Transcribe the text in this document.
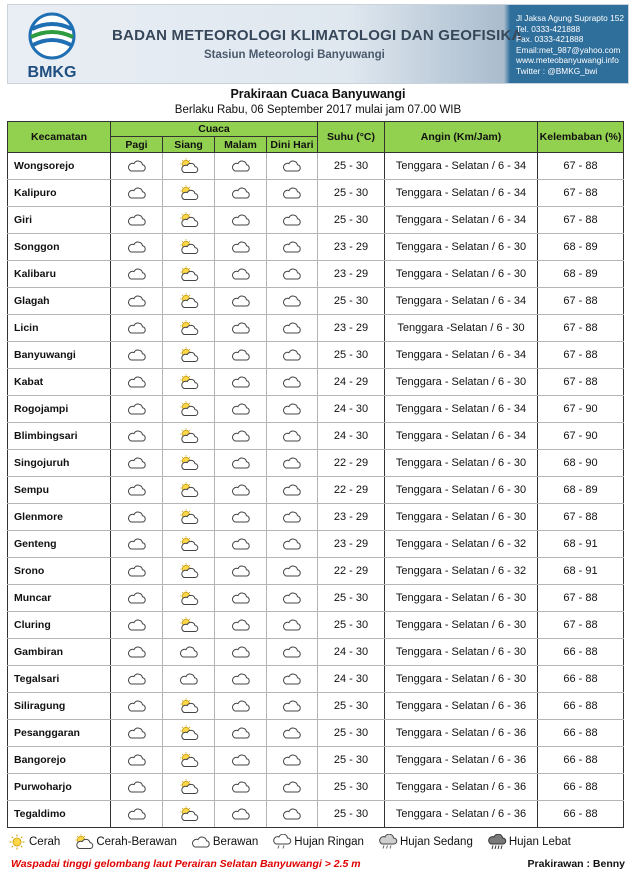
BMKG
BADAN METEOROLOGI KLIMATOLOGI DAN GEOFISIKA
Stasiun Meteorologi Banyuwangi
Jl Jaksa Agung Suprapto 152
Tel. 0333-421888
Fax. 0333-421888
Email:met_987@yahoo.com
www.meteobanyuwangi.info
Twitter : @BMKG_bwi
Prakiraan Cuaca Banyuwangi
Berlaku Rabu, 06 September 2017 mulai jam 07.00 WIB
Kecamatan	Cuaca				Suhu (°C)	Angin (Km/Jam)	Kelembaban (%)
	Pagi	Siang	Malam	Dini Hari			
Wongsorejo					25 - 30	Tenggara - Selatan / 6 - 34	67 - 88
Kalipuro					25 - 30	Tenggara - Selatan / 6 - 34	67 - 88
Giri					25 - 30	Tenggara - Selatan / 6 - 34	67 - 88
Songgon					23 - 29	Tenggara - Selatan / 6 - 30	68 - 89
Kalibaru					23 - 29	Tenggara - Selatan / 6 - 30	68 - 89
Glagah					25 - 30	Tenggara - Selatan / 6 - 34	67 - 88
Licin					23 - 29	Tenggara -Selatan / 6 - 30	67 - 88
Banyuwangi					25 - 30	Tenggara - Selatan / 6 - 34	67 - 88
Kabat					24 - 29	Tenggara - Selatan / 6 - 30	67 - 88
Rogojampi					24 - 30	Tenggara - Selatan / 6 - 34	67 - 90
Blimbingsari					24 - 30	Tenggara - Selatan / 6 - 34	67 - 90
Singojuruh					22 - 29	Tenggara - Selatan / 6 - 30	68 - 90
Sempu					22 - 29	Tenggara - Selatan / 6 - 30	68 - 89
Glenmore					23 - 29	Tenggara - Selatan / 6 - 30	67 - 88
Genteng					23 - 29	Tenggara - Selatan / 6 - 32	68 - 91
Srono					22 - 29	Tenggara - Selatan / 6 - 32	68 - 91
Muncar					25 - 30	Tenggara - Selatan / 6 - 30	67 - 88
Cluring					25 - 30	Tenggara - Selatan / 6 - 30	67 - 88
Gambiran					24 - 30	Tenggara - Selatan / 6 - 30	66 - 88
Tegalsari					24 - 30	Tenggara - Selatan / 6 - 30	66 - 88
Siliragung					25 - 30	Tenggara - Selatan / 6 - 36	66 - 88
Pesanggaran					25 - 30	Tenggara - Selatan / 6 - 36	66 - 88
Bangorejo					25 - 30	Tenggara - Selatan / 6 - 36	66 - 88
Purwoharjo					25 - 30	Tenggara - Selatan / 6 - 36	66 - 88
Tegaldimo					25 - 30	Tenggara - Selatan / 6 - 36	66 - 88
Cerah	Cerah-Berawan	Berawan	Hujan Ringan	Hujan Sedang	Hujan Lebat
Waspadai tinggi gelombang laut Perairan Selatan Banyuwangi > 2.5 m	Prakirawan : Benny
